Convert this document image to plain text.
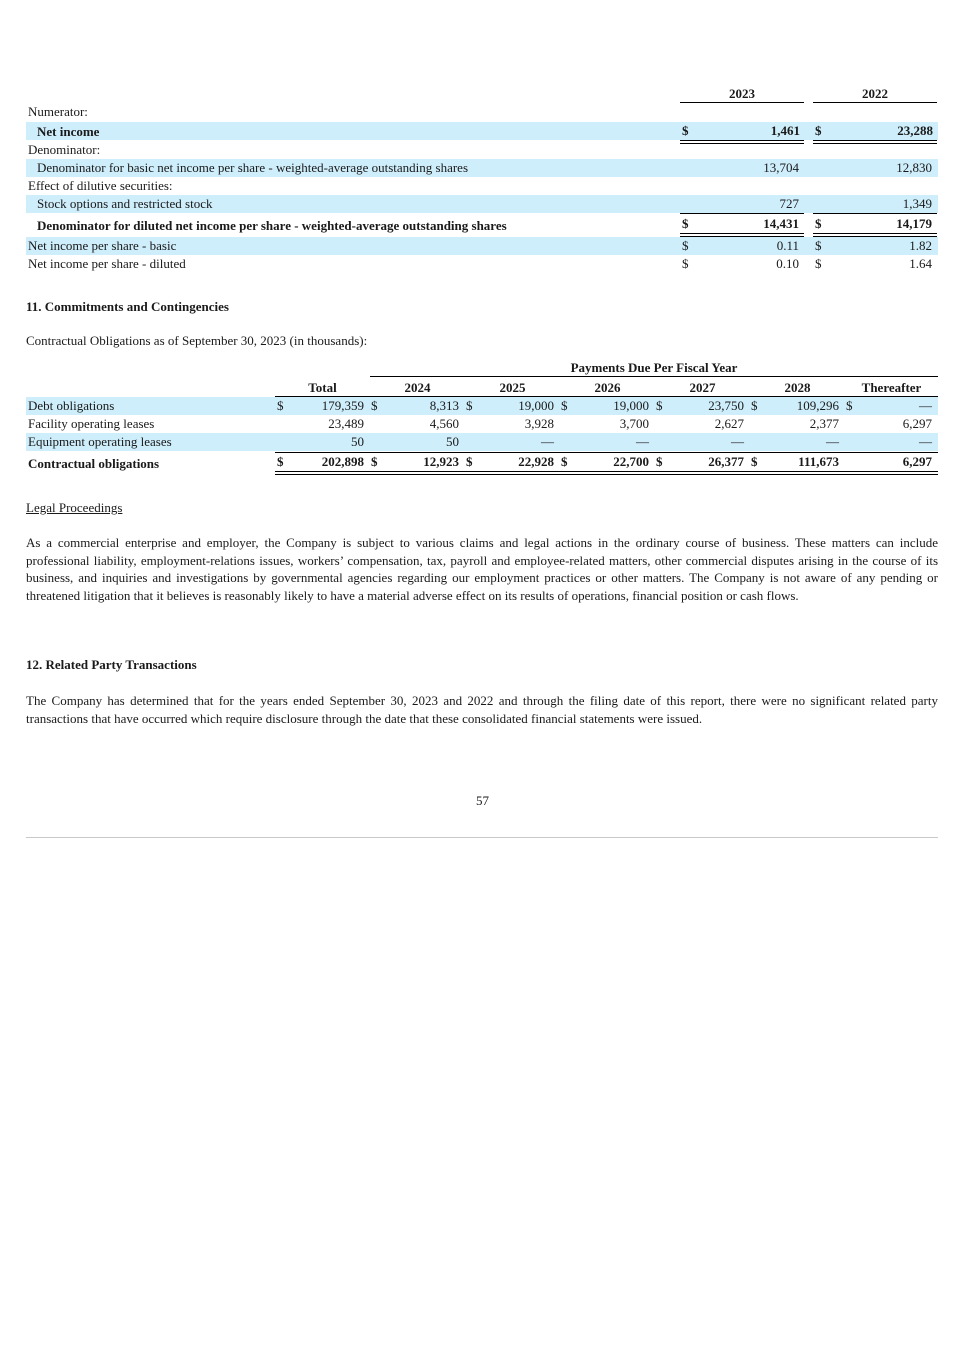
2023	2022
Numerator:
Net income	$	1,461 $	23,288
Denominator:
Denominator for basic net income per share - weighted-average outstanding shares	13,704	12,830
Effect of dilutive securities:
Stock options and restricted stock	727	1,349
Denominator for diluted net income per share - weighted-average outstanding shares	$	14,431 $	14,179
Net income per share - basic	$	0.11 $	1.82
Net income per share - diluted	$	0.10 $	1.64
11. Commitments and Contingencies
Contractual Obligations as of September 30, 2023 (in thousands):
Payments Due Per Fiscal Year
Total	2024	2025	2026	2027	2028	Thereafter
Debt obligations	$	179,359 $	8,313 $	19,000 $	19,000 $	23,750 $	109,296 $	—
Facility operating leases	23,489	4,560	3,928	3,700	2,627	2,377	6,297
Equipment operating leases	50	50	—	—	—	—	—
Contractual obligations	$	202,898 $	12,923 $	22,928 $	22,700 $	26,377 $	111,673	6,297
Legal Proceedings
As a commercial enterprise and employer, the Company is subject to various claims and legal actions in the ordinary course of business. These matters can include professional liability, employment-relations issues, workers’ compensation, tax, payroll and employee-related matters, other commercial disputes arising in the course of its business, and inquiries and investigations by governmental agencies regarding our employment practices or other matters. The Company is not aware of any pending or threatened litigation that it believes is reasonably likely to have a material adverse effect on its results of operations, financial position or cash flows.
12. Related Party Transactions
The Company has determined that for the years ended September 30, 2023 and 2022 and through the filing date of this report, there were no significant related party transactions that have occurred which require disclosure through the date that these consolidated financial statements were issued.
57
